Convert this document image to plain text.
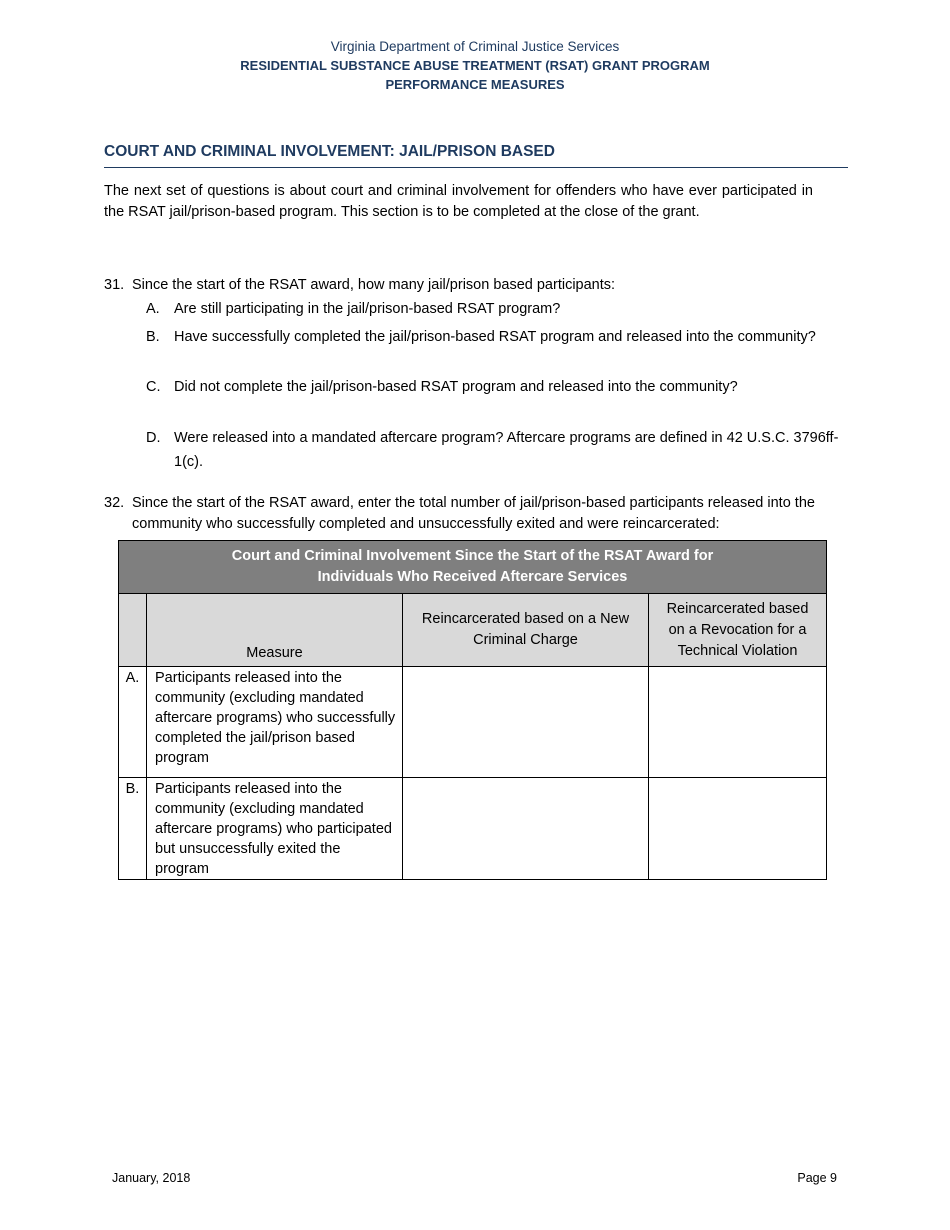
Virginia Department of Criminal Justice Services
RESIDENTIAL SUBSTANCE ABUSE TREATMENT (RSAT) GRANT PROGRAM
PERFORMANCE MEASURES
COURT AND CRIMINAL INVOLVEMENT: JAIL/PRISON BASED
The next set of questions is about court and criminal involvement for offenders who have ever participated in the RSAT jail/prison-based program. This section is to be completed at the close of the grant.
31. Since the start of the RSAT award, how many jail/prison based participants:
A. Are still participating in the jail/prison-based RSAT program?
B. Have successfully completed the jail/prison-based RSAT program and released into the community?
C. Did not complete the jail/prison-based RSAT program and released into the community?
D. Were released into a mandated aftercare program? Aftercare programs are defined in 42 U.S.C. 3796ff-1(c).
32. Since the start of the RSAT award, enter the total number of jail/prison-based participants released into the community who successfully completed and unsuccessfully exited and were reincarcerated:
Court and Criminal Involvement Since the Start of the RSAT Award for
Individuals Who Received Aftercare Services			

	Measure	Reincarcerated based on a New Criminal Charge	Reincarcerated based on a Revocation for a Technical Violation
A.	Participants released into the community (excluding mandated aftercare programs) who successfully completed the jail/prison based program		
B.	Participants released into the community (excluding mandated aftercare programs) who participated but unsuccessfully exited the program		
January, 2018	Page 9
